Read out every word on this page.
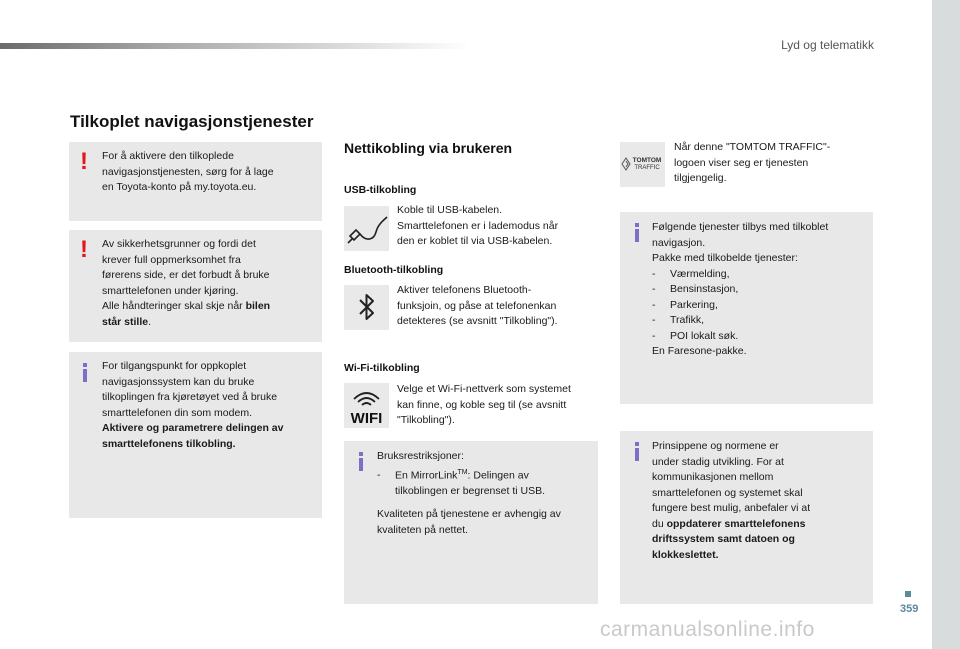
Lyd og telematikk
Tilkoplet navigasjonstjenester
! For å aktivere den tilkoplede
navigasjonstjenesten, sørg for å lage
en Toyota-konto på my.toyota.eu.
! Av sikkerhetsgrunner og fordi det
krever full oppmerksomhet fra
førerens side, er det forbudt å bruke
smarttelefonen under kjøring.
Alle håndteringer skal skje når bilen
står stille.
For tilgangspunkt for oppkoplet
navigasjonssystem kan du bruke
tilkoplingen fra kjøretøyet ved å bruke
smarttelefonen din som modem.
Aktivere og parametrere delingen av
smarttelefonens tilkobling.
Nettikobling via brukeren
USB-tilkobling
Koble til USB-kabelen.
Smarttelefonen er i lademodus når
den er koblet til via USB-kabelen.
Bluetooth-tilkobling
Aktiver telefonens Bluetooth-
funksjoin, og påse at telefonenkan
detekteres (se avsnitt "Tilkobling").
Wi-Fi-tilkobling
WIFI
Velge et Wi-Fi-nettverk som systemet
kan finne, og koble seg til (se avsnitt
"Tilkobling").
Bruksrestriksjoner:
- En MirrorLink™: Delingen av
tilkoblingen er begrenset ti USB.
Kvaliteten på tjenestene er avhengig av
kvaliteten på nettet.
TOMTOM
TRAFFIC
Når denne "TOMTOM TRAFFIC"-
logoen viser seg er tjenesten
tilgjengelig.
Følgende tjenester tilbys med tilkoblet
navigasjon.
Pakke med tilkobelde tjenester:
- Værmelding,
- Bensinstasjon,
- Parkering,
- Trafikk,
- POI lokalt søk.
En Faresone-pakke.
Prinsippene og normene er
under stadig utvikling. For at
kommunikasjonen mellom
smarttelefonen og systemet skal
fungere best mulig, anbefaler vi at
du oppdaterer smarttelefonens
driftssystem samt datoen og
klokkeslettet.
359
carmanualsonline.info
